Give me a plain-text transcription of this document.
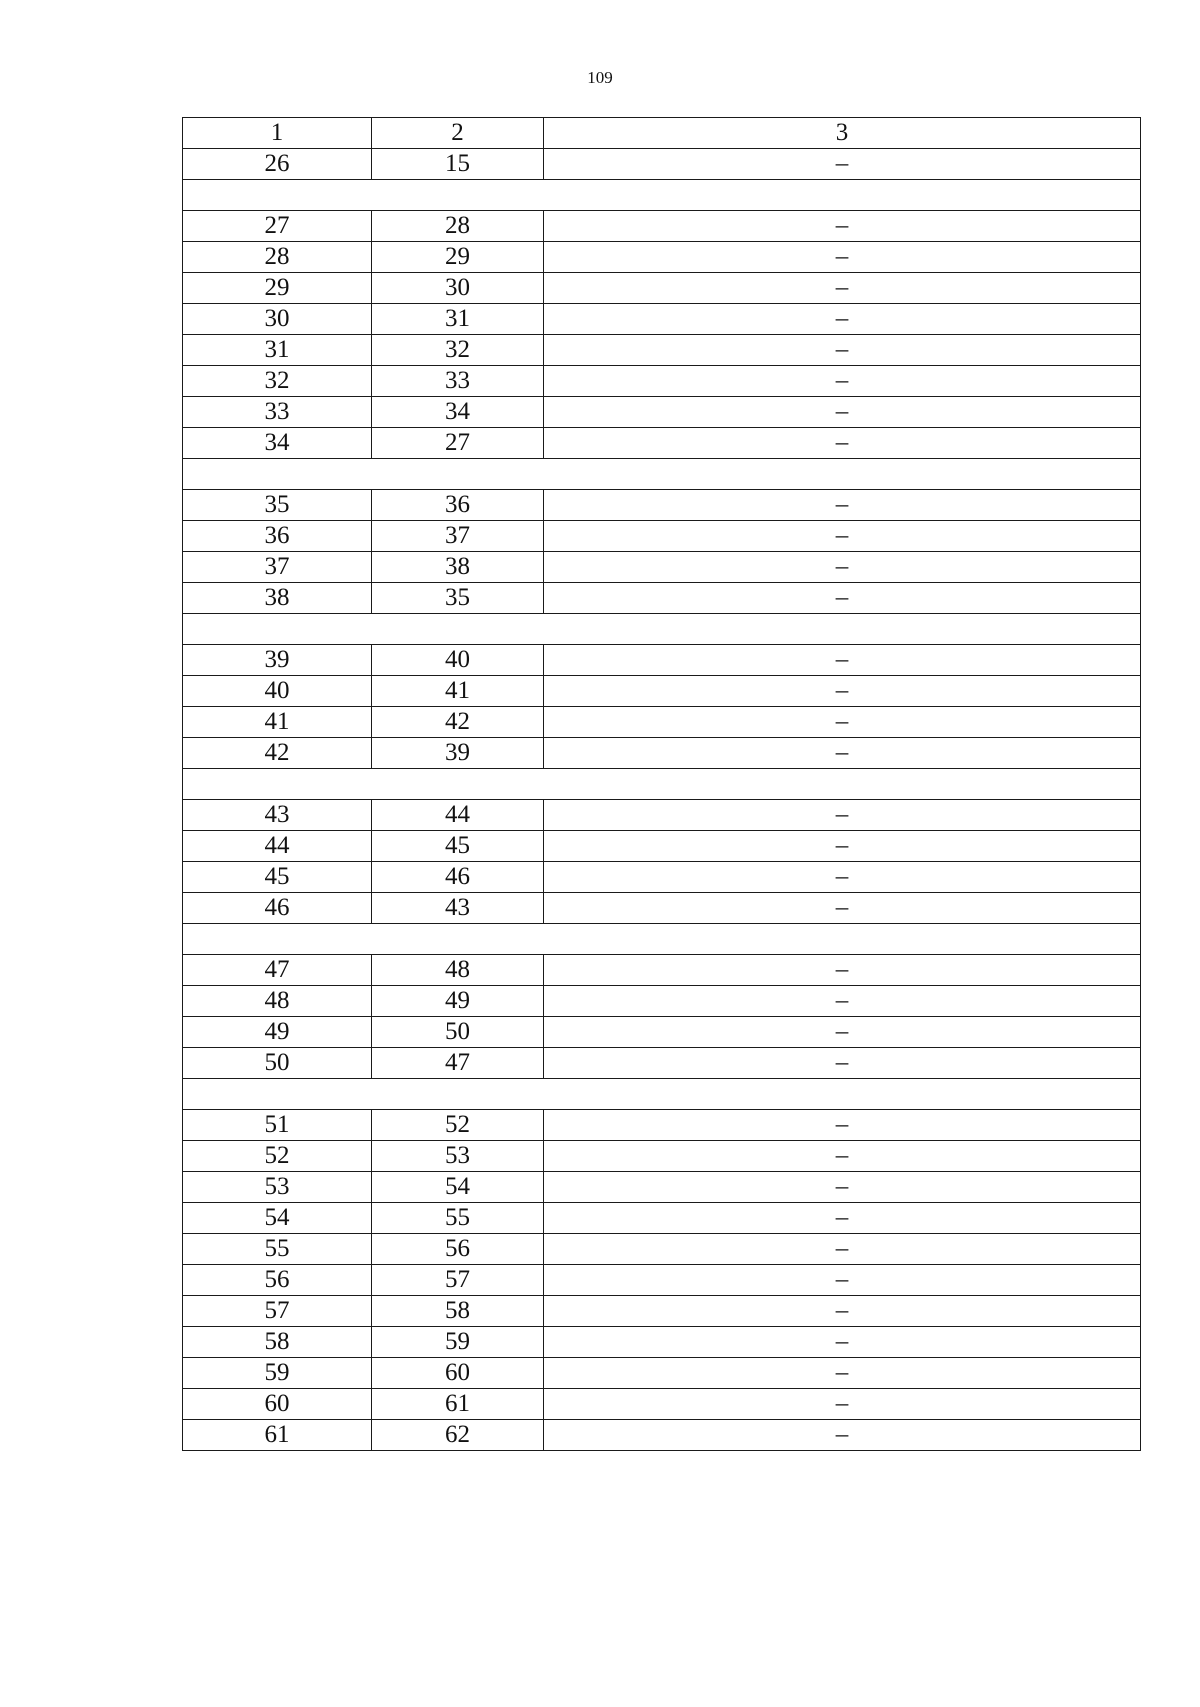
109
1	2	3
26	15	–

27	28	–
28	29	–
29	30	–
30	31	–
31	32	–
32	33	–
33	34	–
34	27	–

35	36	–
36	37	–
37	38	–
38	35	–

39	40	–
40	41	–
41	42	–
42	39	–

43	44	–
44	45	–
45	46	–
46	43	–

47	48	–
48	49	–
49	50	–
50	47	–

51	52	–
52	53	–
53	54	–
54	55	–
55	56	–
56	57	–
57	58	–
58	59	–
59	60	–
60	61	–
61	62	–
